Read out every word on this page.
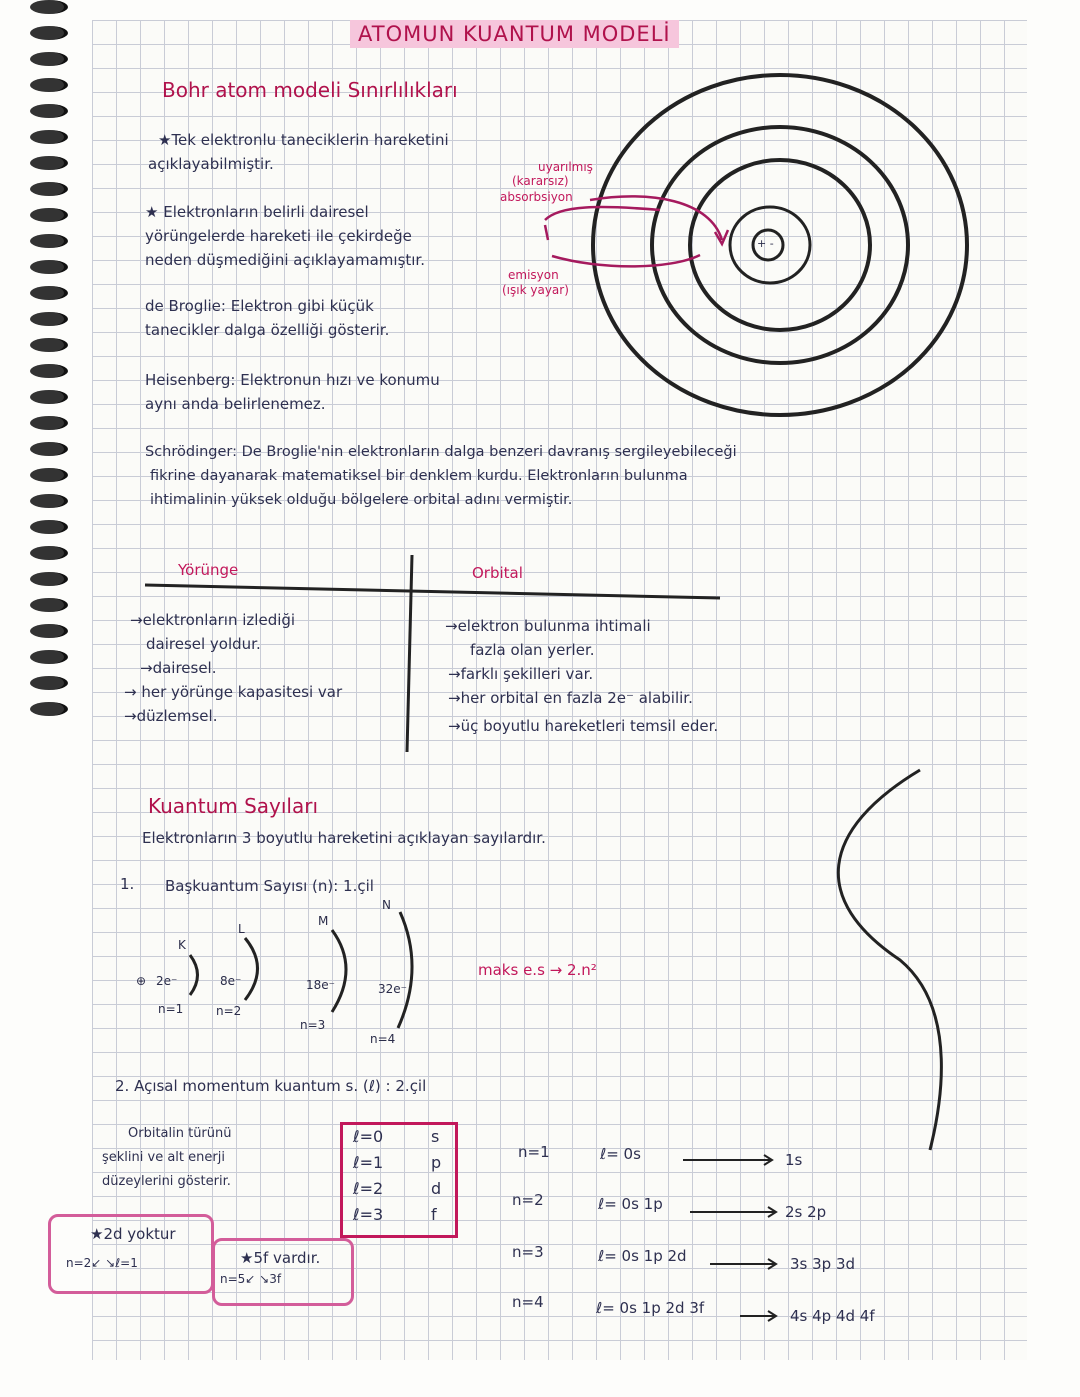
ATOMUN KUANTUM MODELİ
Bohr atom modeli Sınırlılıkları
★Tek elektronlu taneciklerin hareketini
açıklayabilmiştir.
★ Elektronların belirli dairesel
yörüngelerde hareketi ile çekirdeğe
neden düşmediğini açıklayamamıştır.
uyarılmış
(kararsız)
absorbsiyon
emisyon
(ışık yayar)
+ -
de Broglie: Elektron gibi küçük
tanecikler dalga özelliği gösterir.
Heisenberg: Elektronun hızı ve konumu
aynı anda belirlenemez.
Schrödinger: De Broglie'nin elektronların dalga benzeri davranış sergileyebileceği
fikrine dayanarak matematiksel bir denklem kurdu. Elektronların bulunma
ihtimalinin yüksek olduğu bölgelere orbital adını vermiştir.
Yörünge	Orbital
→elektronların izlediği
dairesel yoldur.
→dairesel.
→ her yörünge kapasitesi var
→düzlemsel.
→elektron bulunma ihtimali
fazla olan yerler.
→farklı şekilleri var.
→her orbital en fazla 2e⁻ alabilir.
→üç boyutlu hareketleri temsil eder.
Kuantum Sayıları
Elektronların 3 boyutlu hareketini açıklayan sayılardır.
1. Başkuantum Sayısı (n): 1.çil
⊕
K
2e⁻
n=1
L
8e⁻
n=2
M
18e⁻
n=3
N
32e⁻
n=4
maks e.s → 2.n²
2. Açısal momentum kuantum s. (ℓ) : 2.çil
Orbitalin türünü
şeklini ve alt enerji
düzeylerini gösterir.
ℓ=0	s
ℓ=1	p
ℓ=2	d
ℓ=3	f
n=1	ℓ= 0s	1s
n=2	ℓ= 0s 1p	2s 2p
n=3	ℓ= 0s 1p 2d	3s 3p 3d
n=4	ℓ= 0s 1p 2d 3f	4s 4p 4d 4f
★2d yoktur
n=2↙ ↘ℓ=1	★5f vardır.
n=5↙ ↘3f
